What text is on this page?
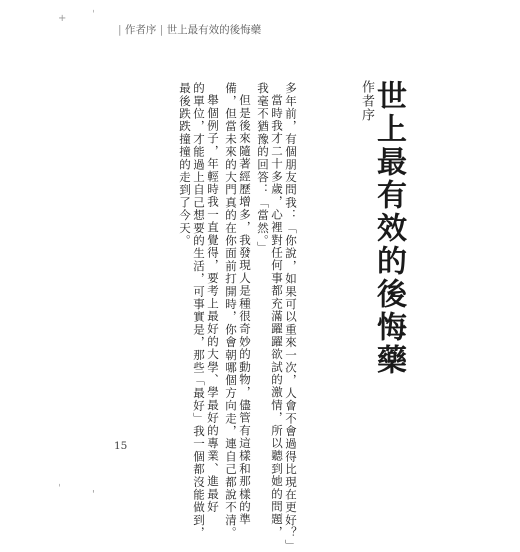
+
ˌ
ˌ
'
| 作者序 | 世上最有效的後悔藥
作者序
世上最有效的後悔藥
多年前，有個朋友問我：「你說，如果可以重來一次，人會不會過得比現在更好？」
當時我才二十多歲，心裡對任何事都充滿躍躍欲試的激情，所以聽到她的問題，
我毫不猶豫的回答：「當然。」
但是後來隨著經歷增多，我發現人是種很奇妙的動物，儘管有這樣和那樣的準
備，但當未來的大門真的在你面前打開時，你會朝哪個方向走，連自己都說不清。
舉個例子，年輕時我一直覺得，要考上最好的大學、學最好的專業、進最好
的單位，才能過上自己想要的生活，可事實是，那些「最好」我一個都沒能做到，
最後跌跌撞撞的走到了今天。
15
